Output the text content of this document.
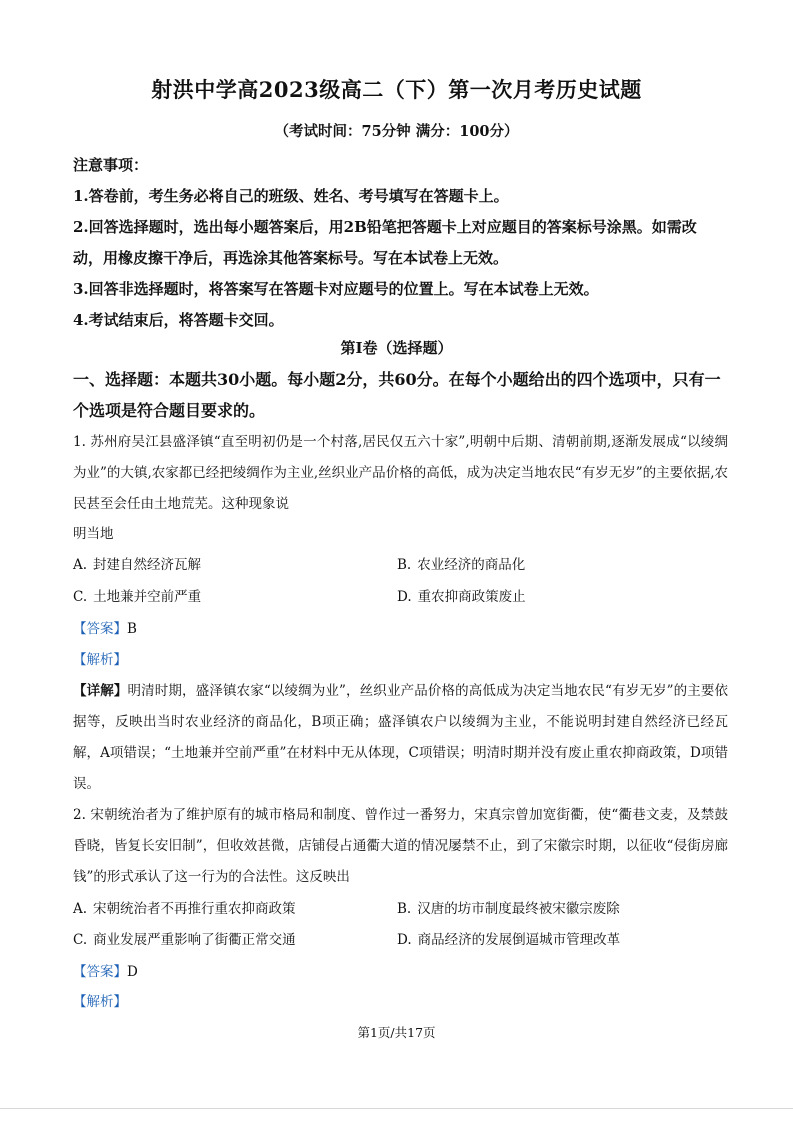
射洪中学高2023级高二（下）第一次月考历史试题
（考试时间：75分钟 满分：100分）
注意事项：
1.答卷前，考生务必将自己的班级、姓名、考号填写在答题卡上。
2.回答选择题时，选出每小题答案后，用2B铅笔把答题卡上对应题目的答案标号涂黑。如需改动，用橡皮擦干净后，再选涂其他答案标号。写在本试卷上无效。
3.回答非选择题时，将答案写在答题卡对应题号的位置上。写在本试卷上无效。
4.考试结束后，将答题卡交回。
第Ⅰ卷（选择题）
一、选择题：本题共30小题。每小题2分，共60分。在每个小题给出的四个选项中，只有一个选项是符合题目要求的。
1. 苏州府吴江县盛泽镇“直至明初仍是一个村落,居民仅五六十家”,明朝中后期、清朝前期,逐渐发展成“以绫绸为业”的大镇,农家都已经把绫绸作为主业,丝织业产品价格的高低，成为决定当地农民“有岁无岁”的主要依据,农民甚至会任由土地荒芜。这种现象说
明当地
A. 封建自然经济瓦解	B. 农业经济的商品化
C. 土地兼并空前严重	D. 重农抑商政策废止
【答案】B
【解析】
【详解】明清时期，盛泽镇农家“以绫绸为业”，丝织业产品价格的高低成为决定当地农民“有岁无岁”的主要依据等，反映出当时农业经济的商品化，B项正确；盛泽镇农户以绫绸为主业，不能说明封建自然经济已经瓦解，A项错误；“土地兼并空前严重”在材料中无从体现，C项错误；明清时期并没有废止重农抑商政策，D项错误。
2. 宋朝统治者为了维护原有的城市格局和制度、曾作过一番努力，宋真宗曾加宽街衢，使“衢巷文麦，及禁鼓昏晓，皆复长安旧制”，但收效甚微，店铺侵占通衢大道的情况屡禁不止，到了宋徽宗时期，以征收“侵街房廊钱”的形式承认了这一行为的合法性。这反映出
A. 宋朝统治者不再推行重农抑商政策	B. 汉唐的坊市制度最终被宋徽宗废除
C. 商业发展严重影响了街衢正常交通	D. 商品经济的发展倒逼城市管理改革
【答案】D
【解析】
第1页/共17页
